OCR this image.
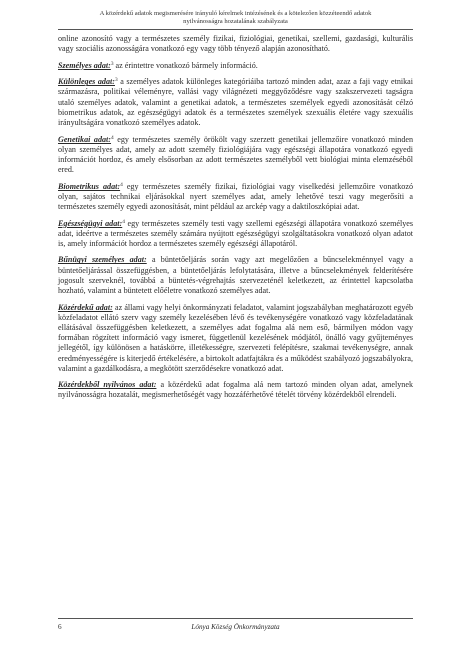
A közérdekű adatok megismerésére irányuló kérelmek intézésének és a kötelezően közzéteendő adatok
nyilvánosságra hozatalának szabályzata

online azonosító vagy a természetes személy fizikai, fiziológiai, genetikai, szellemi, gazdasági, kulturális vagy szociális azonosságára vonatkozó egy vagy több tényező alapján azonosítható.

Személyes adat:$^3$ az érintettre vonatkozó bármely információ.

Különleges adat:$^3$ a személyes adatok különleges kategóriáiba tartozó minden adat, azaz a faji vagy etnikai származásra, politikai véleményre, vallási vagy világnézeti meggyőződésre vagy szakszervezeti tagságra utaló személyes adatok, valamint a genetikai adatok, a természetes személyek egyedi azonosítását célzó biometrikus adatok, az egészségügyi adatok és a természetes személyek szexuális életére vagy szexuális irányultságára vonatkozó személyes adatok.

Genetikai adat:$^4$ egy természetes személy örökölt vagy szerzett genetikai jellemzőire vonatkozó minden olyan személyes adat, amely az adott személy fiziológiájára vagy egészségi állapotára vonatkozó egyedi információt hordoz, és amely elsősorban az adott természetes személyből vett biológiai minta elemzéséből ered.

Biometrikus adat:$^4$ egy természetes személy fizikai, fiziológiai vagy viselkedési jellemzőire vonatkozó olyan, sajátos technikai eljárásokkal nyert személyes adat, amely lehetővé teszi vagy megerősíti a természetes személy egyedi azonosítását, mint például az arckép vagy a daktiloszkópiai adat.

Egészségügyi adat:$^4$ egy természetes személy testi vagy szellemi egészségi állapotára vonatkozó személyes adat, ideértve a természetes személy számára nyújtott egészségügyi szolgáltatásokra vonatkozó olyan adatot is, amely információt hordoz a természetes személy egészségi állapotáról.

Bűnügyi személyes adat: a büntetőeljárás során vagy azt megelőzően a bűncselekménnyel vagy a büntetőeljárással összefüggésben, a büntetőeljárás lefolytatására, illetve a bűncselekmények felderítésére jogosult szerveknél, továbbá a büntetés-végrehajtás szervezeténél keletkezett, az érintettel kapcsolatba hozható, valamint a büntetett előéletre vonatkozó személyes adat.

Közérdekű adat: az állami vagy helyi önkormányzati feladatot, valamint jogszabályban meghatározott egyéb közfeladatot ellátó szerv vagy személy kezelésében lévő és tevékenységére vonatkozó vagy közfeladatának ellátásával összefüggésben keletkezett, a személyes adat fogalma alá nem eső, bármilyen módon vagy formában rögzített információ vagy ismeret, függetlenül kezelésének módjától, önálló vagy gyűjteményes jellegétől, így különösen a hatáskörre, illetékességre, szervezeti felépítésre, szakmai tevékenységre, annak eredményességére is kiterjedő értékelésére, a birtokolt adatfajtákra és a működést szabályozó jogszabályokra, valamint a gazdálkodásra, a megkötött szerződésekre vonatkozó adat.

Közérdekből nyilvános adat: a közérdekű adat fogalma alá nem tartozó minden olyan adat, amelynek nyilvánosságra hozatalát, megismerhetőségét vagy hozzáférhetővé tételét törvény közérdekből elrendeli.

6	Lónya Község Önkormányzata
